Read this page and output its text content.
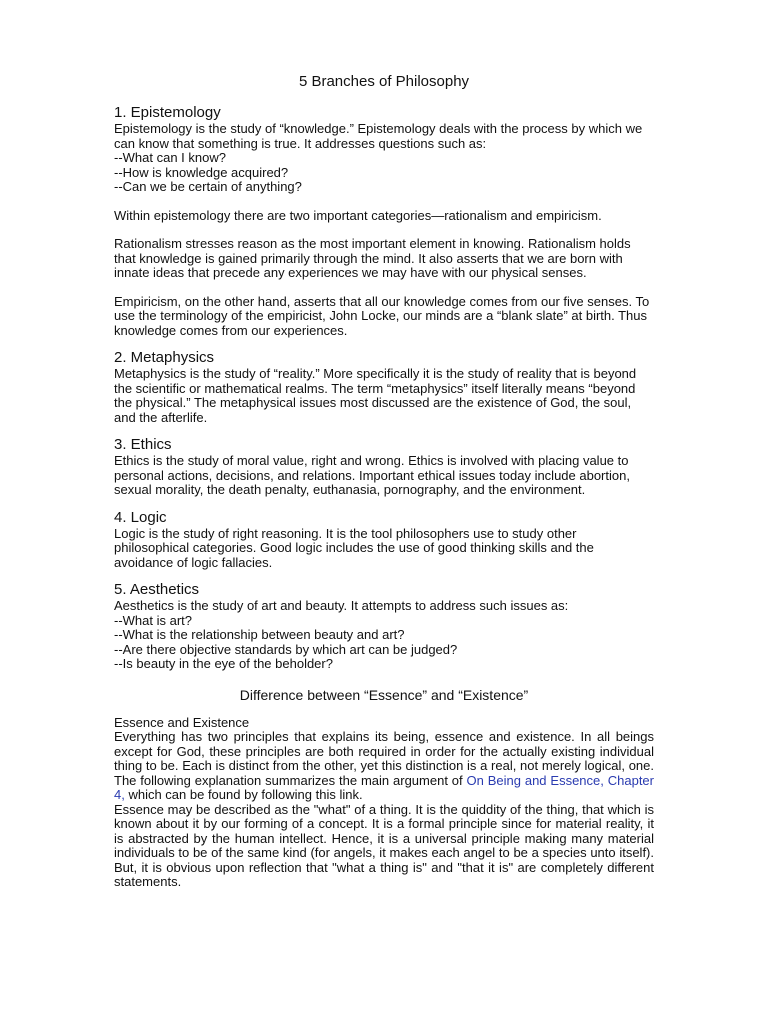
5 Branches of Philosophy
1. Epistemology

Epistemology is the study of “knowledge.” Epistemology deals with the process by which we can know that something is true. It addresses questions such as:

--What can I know?

--How is knowledge acquired?

--Can we be certain of anything?

Within epistemology there are two important categories—rationalism and empiricism.

Rationalism stresses reason as the most important element in knowing. Rationalism holds that knowledge is gained primarily through the mind. It also asserts that we are born with innate ideas that precede any experiences we may have with our physical senses.

Empiricism, on the other hand, asserts that all our knowledge comes from our five senses. To use the terminology of the empiricist, John Locke, our minds are a “blank slate” at birth. Thus knowledge comes from our experiences.

2. Metaphysics

Metaphysics is the study of “reality.” More specifically it is the study of reality that is beyond the scientific or mathematical realms. The term “metaphysics” itself literally means “beyond the physical.” The metaphysical issues most discussed are the existence of God, the soul, and the afterlife.

3. Ethics

Ethics is the study of moral value, right and wrong. Ethics is involved with placing value to personal actions, decisions, and relations. Important ethical issues today include abortion, sexual morality, the death penalty, euthanasia, pornography, and the environment.

4. Logic

Logic is the study of right reasoning. It is the tool philosophers use to study other philosophical categories. Good logic includes the use of good thinking skills and the avoidance of logic fallacies.

5. Aesthetics

Aesthetics is the study of art and beauty. It attempts to address such issues as:

--What is art?

--What is the relationship between beauty and art?

--Are there objective standards by which art can be judged?

--Is beauty in the eye of the beholder?

Difference between “Essence” and “Existence”

Essence and Existence

Everything has two principles that explains its being, essence and existence. In all beings except for God, these principles are both required in order for the actually existing individual thing to be. Each is distinct from the other, yet this distinction is a real, not merely logical, one. The following explanation summarizes the main argument of On Being and Essence, Chapter 4, which can be found by following this link.

Essence may be described as the "what" of a thing. It is the quiddity of the thing, that which is known about it by our forming of a concept. It is a formal principle since for material reality, it is abstracted by the human intellect. Hence, it is a universal principle making many material individuals to be of the same kind (for angels, it makes each angel to be a species unto itself). But, it is obvious upon reflection that "what a thing is" and "that it is" are completely different statements.
